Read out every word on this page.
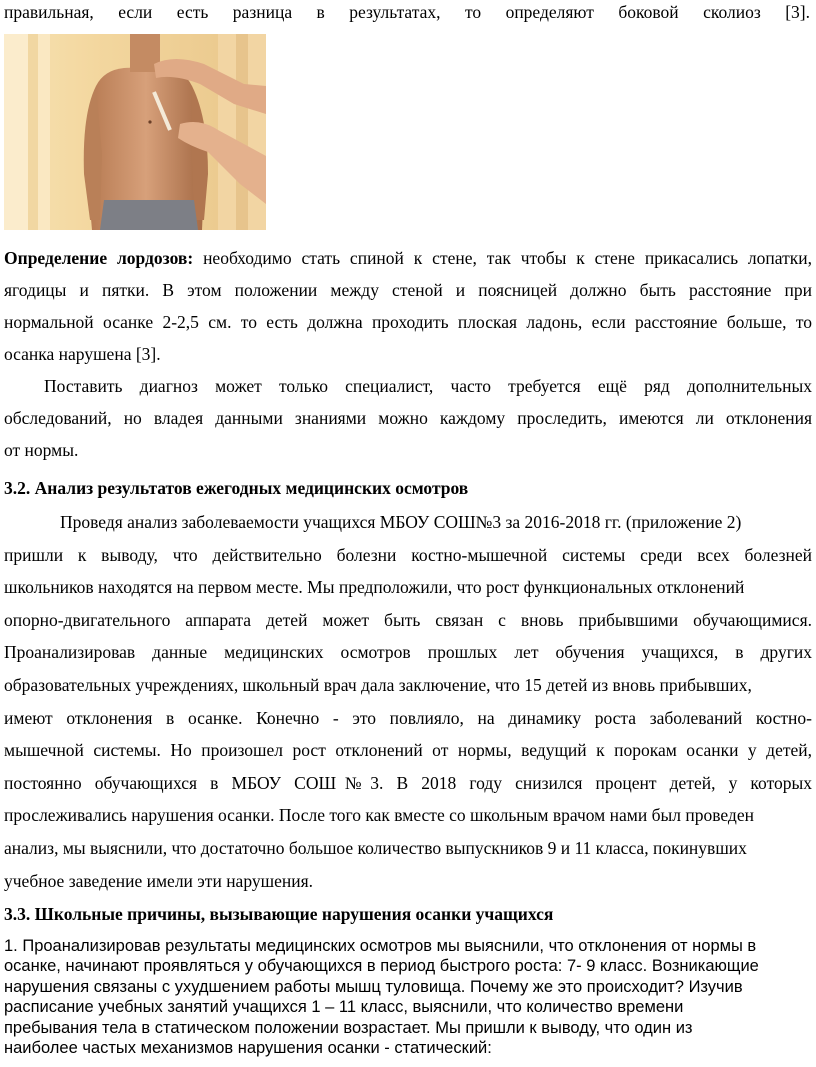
правильная, если есть разница в результатах, то определяют боковой сколиоз [3].

Определение лордозов: необходимо стать спиной к стене, так чтобы к стене прикасались лопатки,

ягодицы и пятки. В этом положении между стеной и поясницей должно быть расстояние при

нормальной осанке 2-2,5 см. то есть должна проходить плоская ладонь, если расстояние больше, то

осанка нарушена [3].

Поставить диагноз может только специалист, часто требуется ещё ряд дополнительных

обследований, но владея данными знаниями можно каждому проследить, имеются ли отклонения

от нормы.

3.2. Анализ результатов ежегодных медицинских осмотров

Проведя анализ заболеваемости учащихся МБОУ СОШ№3 за 2016-2018 гг. (приложение 2)

пришли к выводу, что действительно болезни костно-мышечной системы среди всех болезней

школьников находятся на первом месте. Мы предположили, что рост функциональных отклонений

опорно-двигательного аппарата детей может быть связан с вновь прибывшими обучающимися.

Проанализировав данные медицинских осмотров прошлых лет обучения учащихся, в других

образовательных учреждениях, школьный врач дала заключение, что 15 детей из вновь прибывших,

имеют отклонения в осанке. Конечно - это повлияло, на динамику роста заболеваний костно-

мышечной системы. Но произошел рост отклонений от нормы, ведущий к порокам осанки у детей,

постоянно обучающихся в МБОУ СОШ№3. В 2018 году снизился процент детей, у которых

прослеживались нарушения осанки. После того как вместе со школьным врачом нами был проведен

анализ, мы выяснили, что достаточно большое количество выпускников 9 и 11 класса, покинувших

учебное заведение имели эти нарушения.

3.3. Школьные причины, вызывающие нарушения осанки учащихся

1. Проанализировав результаты медицинских осмотров мы выяснили, что отклонения от нормы в

осанке, начинают проявляться у обучающихся в период быстрого роста: 7- 9 класс. Возникающие

нарушения связаны с ухудшением работы мышц туловища. Почему же это происходит? Изучив

расписание учебных занятий учащихся 1 – 11 класс, выяснили, что количество времени

пребывания тела в статическом положении возрастает. Мы пришли к выводу, что один из

наиболее частых механизмов нарушения осанки - статический:
